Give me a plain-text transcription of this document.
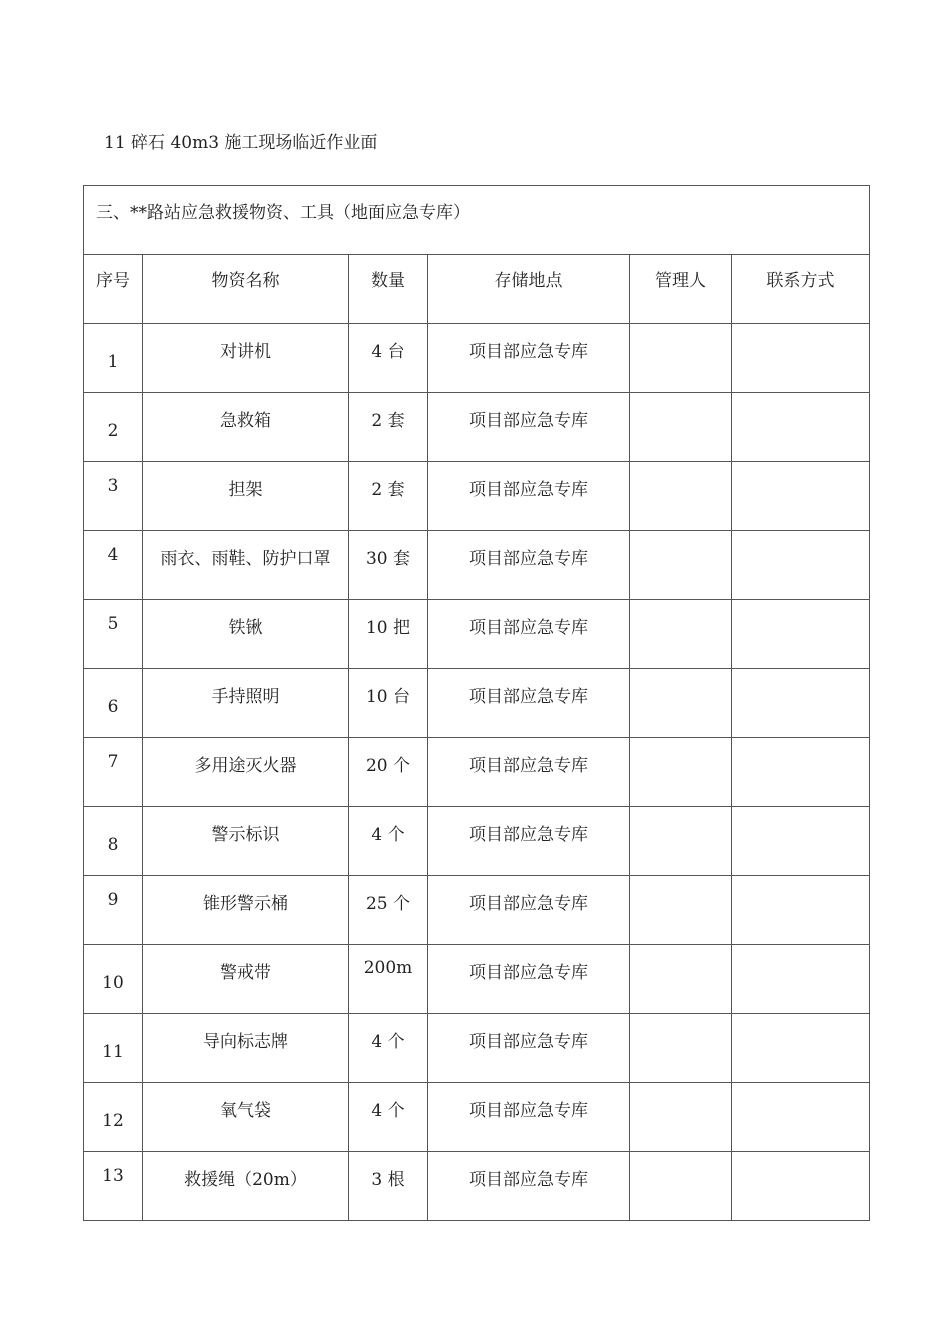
11 碎石 40m3 施工现场临近作业面
三、**路站应急救援物资、工具（地面应急专库）					

序号	物资名称	数量	存储地点	管理人	联系方式

1	对讲机	4 台	项目部应急专库		

2	急救箱	2 套	项目部应急专库		

3	担架	2 套	项目部应急专库		

4	雨衣、雨鞋、防护口罩	30 套	项目部应急专库		

5	铁锹	10 把	项目部应急专库		

6	手持照明	10 台	项目部应急专库		

7	多用途灭火器	20 个	项目部应急专库		

8	警示标识	4 个	项目部应急专库		

9	锥形警示桶	25 个	项目部应急专库		

10	警戒带	200m	项目部应急专库		

11	导向标志牌	4 个	项目部应急专库		

12	氧气袋	4 个	项目部应急专库		

13	救援绳（20m）	3 根	项目部应急专库		
